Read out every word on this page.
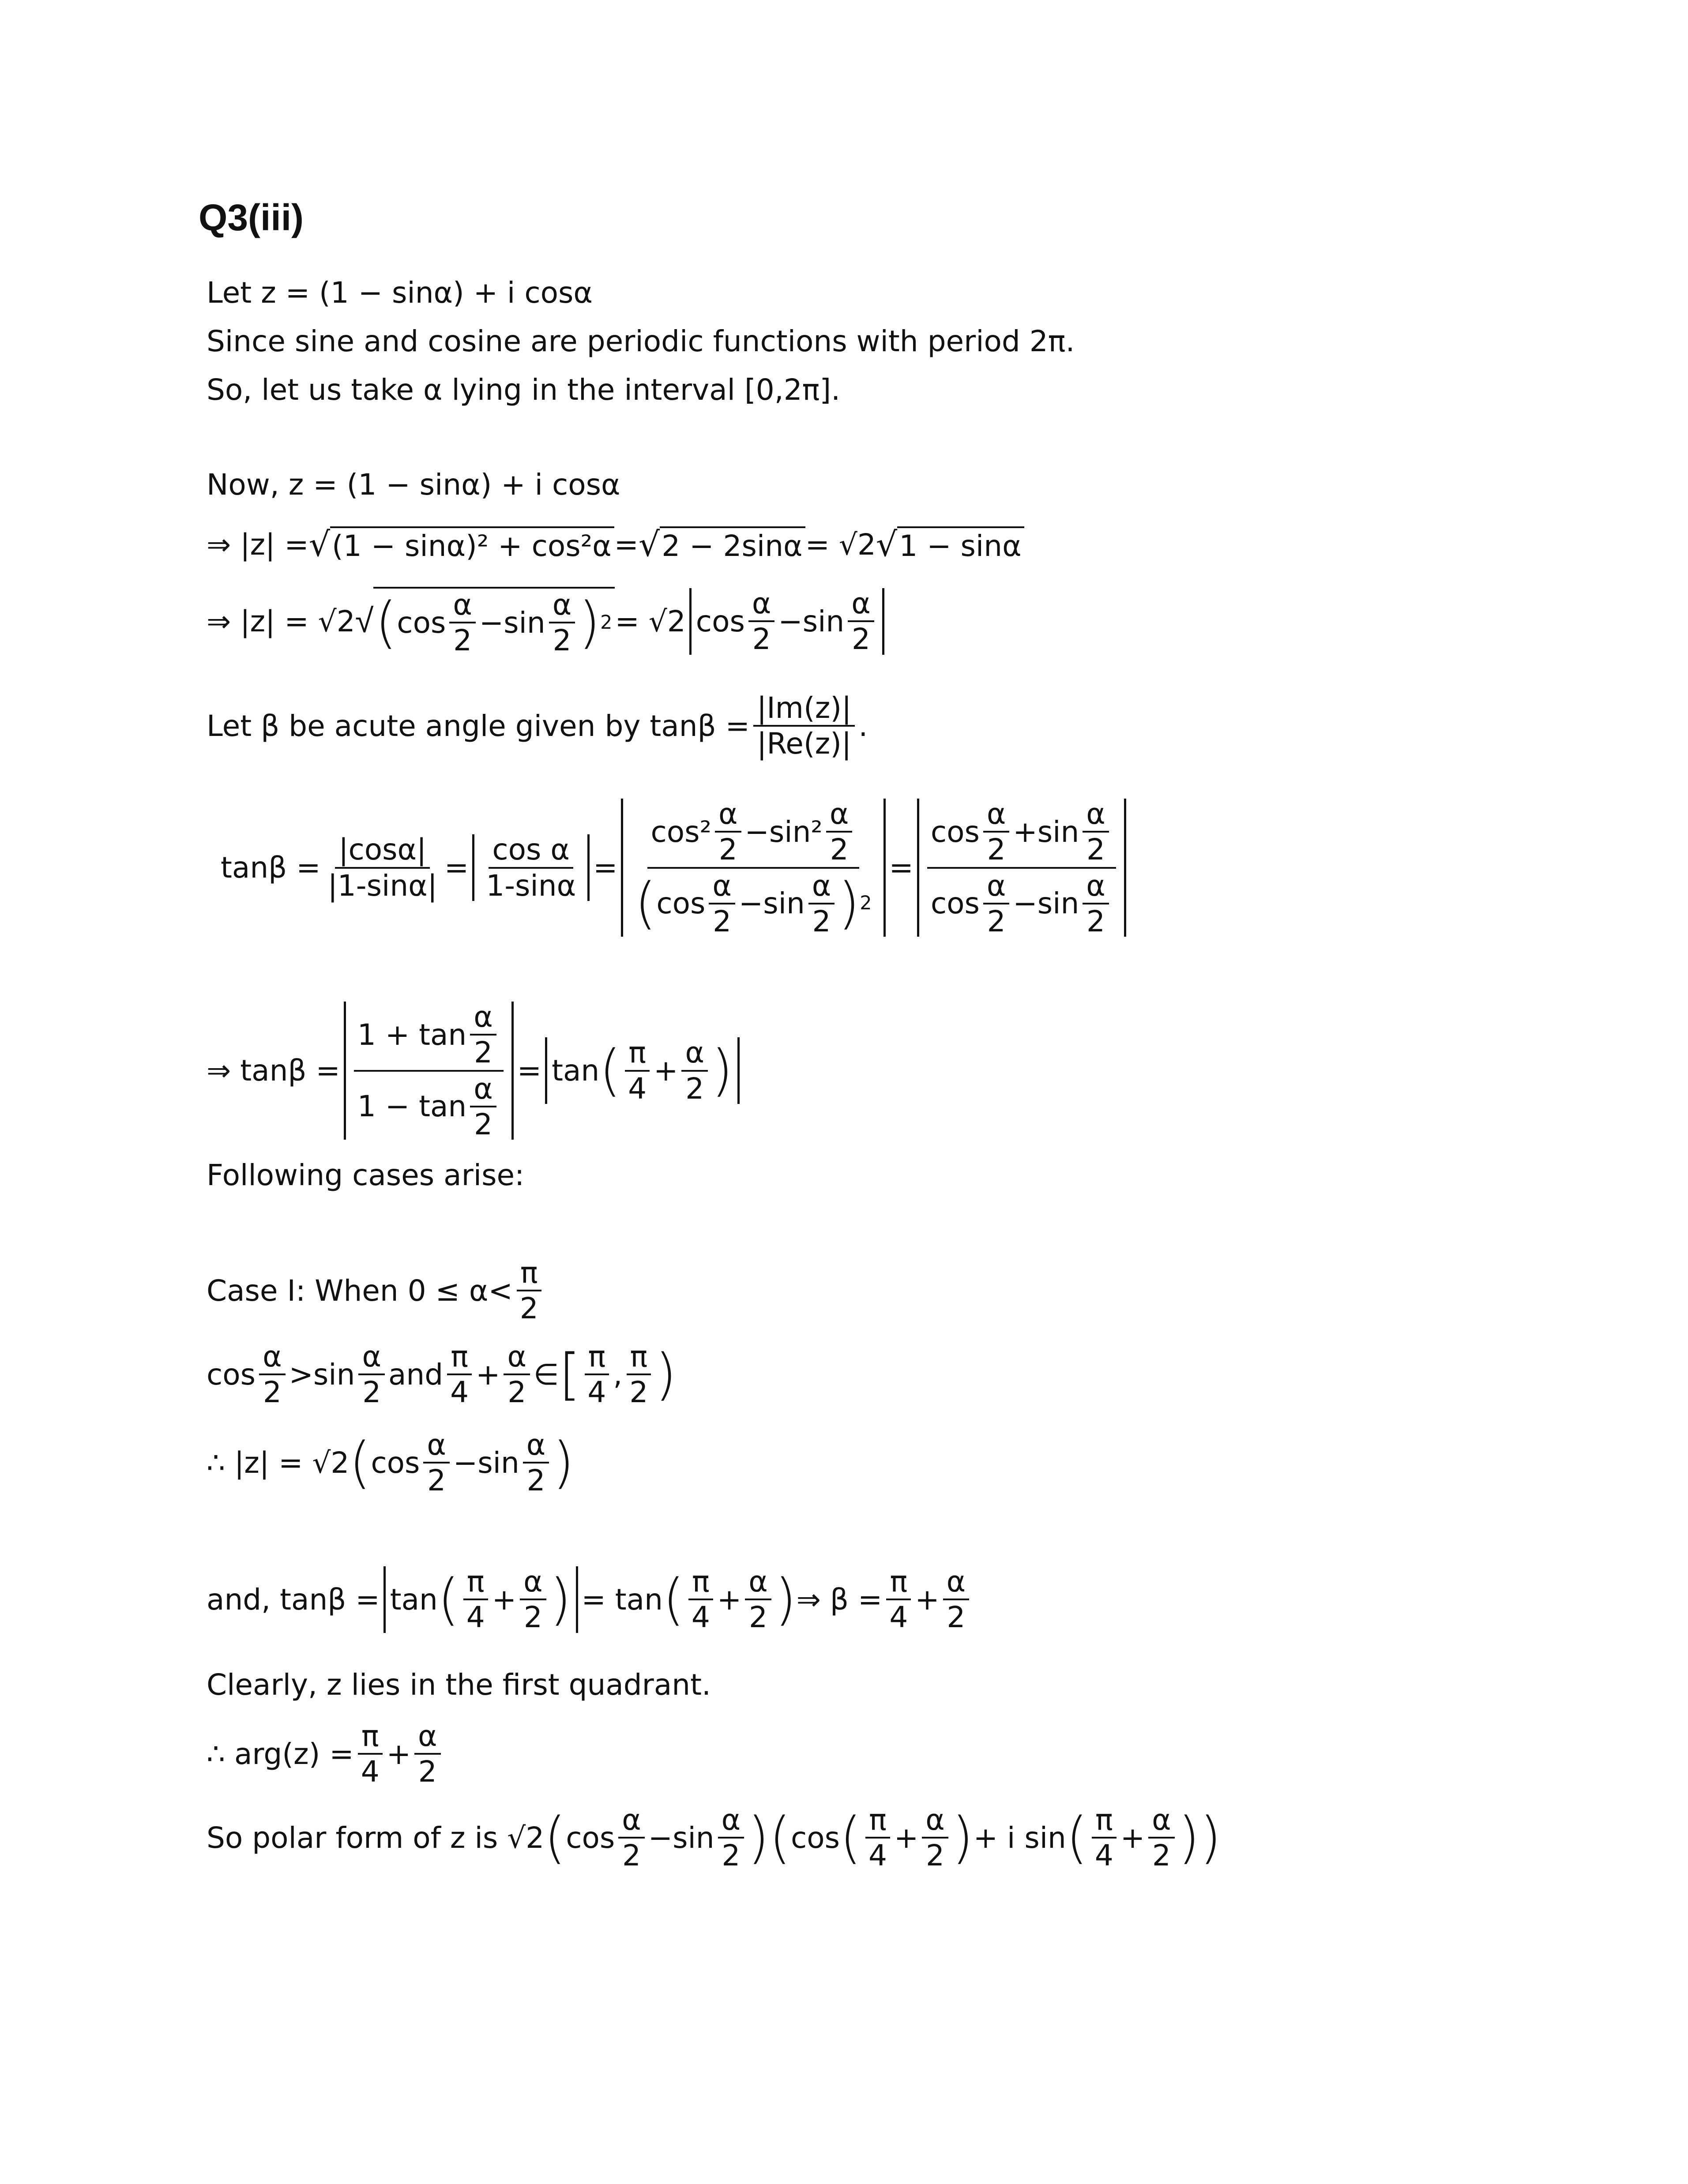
Q3(iii)
Let z = (1 − sinα) + i cosα
Since sine and cosine are periodic functions with period 2π.
So, let us take α lying in the interval [0,2π].
Now, z = (1 − sinα) + i cosα
⇒ |z| = √ (1 − sinα)² + cos²α = √ 2 − 2sinα = √2 √ 1 − sinα
⇒ |z| = √2 √ ( $\cos \frac{\alpha}{2} - \sin \frac{\alpha}{2}$ ) 2 = √2 $\cos \frac{\alpha}{2} - \sin \frac{\alpha}{2}$
Let β be acute angle given by $\tan\beta = \frac{|Im(z)|}{|Re(z)|}$ .
$\tan\beta = \frac{|\cos\alpha|}{|1-\sin\alpha|} = \frac{\text{cos α}}{1-\sin\alpha}$ =
$\cos^2 \frac{\alpha}{2} - \sin^2 \frac{\alpha}{2}$
( $\cos \frac{\alpha}{2} - \sin \frac{\alpha}{2}$ ) 2
= $\frac{\cos \frac{\alpha}{2} + \sin \frac{\alpha}{2}}{\cos \frac{\alpha}{2} - \sin \frac{\alpha}{2}}$
⇒ $\tan\beta = \frac{1 + \tan \frac{\alpha}{2}}{1 - \tan \frac{\alpha}{2}} = \tan$ ( $\frac{\pi}{4} + \frac{\alpha}{2}$ )
Following cases arise:
Case I: When $0 \le \alpha< \frac{\pi}{2}$
$\cos \frac{\alpha}{2} > \sin \frac{\alpha}{2}$ and $\frac{\pi}{4} + \frac{\alpha}{2}$ ∈ [ $\frac{\pi}{4}$ , $\frac{\pi}{2}$ )
∴ |z| = √2 ( $\cos \frac{\alpha}{2} - \sin \frac{\alpha}{2}$ )
and, tanβ = tan ( $\frac{\pi}{4} + \frac{\alpha}{2}$ ) = tan ( $\frac{\pi}{4} + \frac{\alpha}{2}$ ) ⇒ $\beta = \frac{\pi}{4} + \frac{\alpha}{2}$
Clearly, z lies in the first quadrant.
∴ $arg(z) = \frac{\pi}{4} + \frac{\alpha}{2}$
So polar form of z is √2 ( $\cos \frac{\alpha}{2} - \sin \frac{\alpha}{2}$ ) ( cos ( $\frac{\pi}{4} + \frac{\alpha}{2}$ ) + i sin ( $\frac{\pi}{4} + \frac{\alpha}{2}$ ) )
